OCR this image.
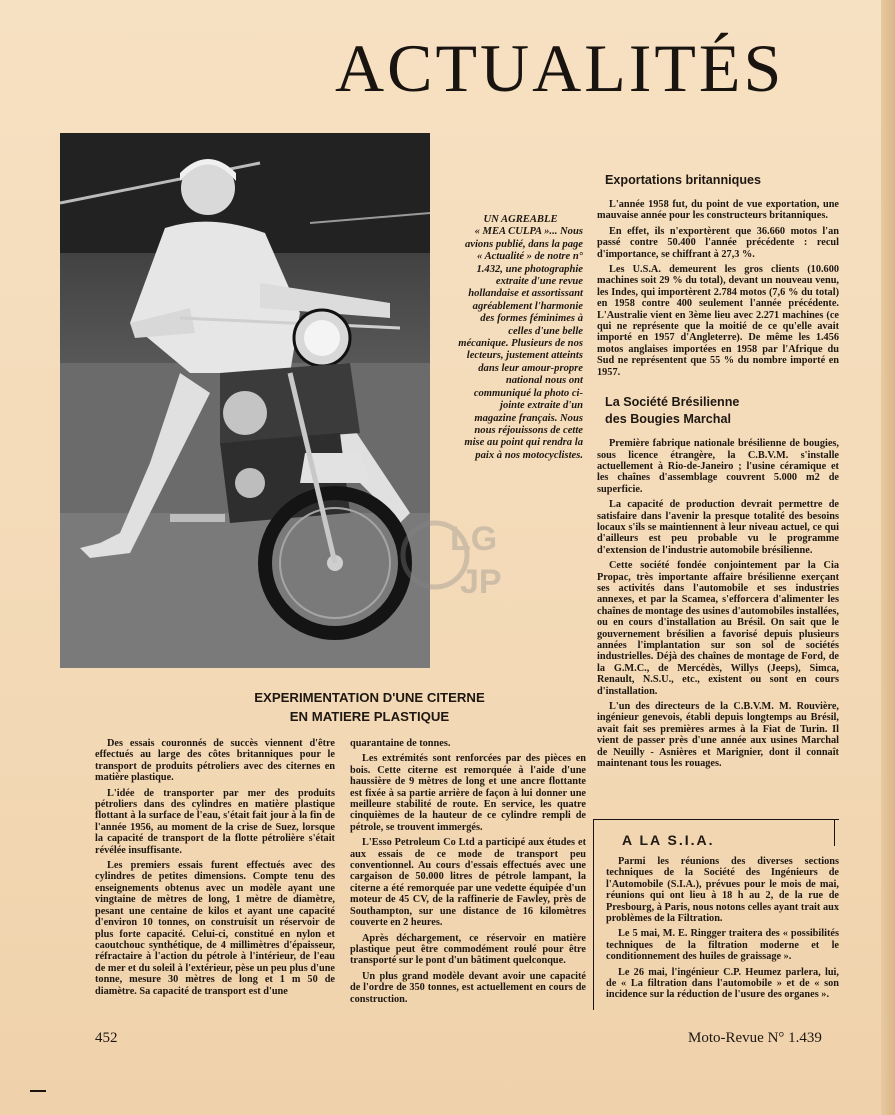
ACTUALITÉS
LG
JP
UN AGREABLE
« MEA CULPA »... Nous avions publié, dans la page « Actualité » de notre n° 1.432, une photographie extraite d'une revue hollandaise et assortissant agréablement l'harmonie des formes féminimes à celles d'une belle mécanique. Plusieurs de nos lecteurs, justement atteints dans leur amour-propre national nous ont communiqué la photo ci-jointe extraite d'un magazine français. Nous nous réjouissons de cette mise au point qui rendra la paix à nos motocyclistes.
Exportations britanniques

L'année 1958 fut, du point de vue exportation, une mauvaise année pour les constructeurs britanniques.

En effet, ils n'exportèrent que 36.660 motos l'an passé contre 50.400 l'année précédente : recul d'importance, se chiffrant à 27,3 %.

Les U.S.A. demeurent les gros clients (10.600 machines soit 29 % du total), devant un nouveau venu, les Indes, qui importèrent 2.784 motos (7,6 % du total) en 1958 contre 400 seulement l'année précédente. L'Australie vient en 3ème lieu avec 2.271 machines (ce qui ne représente que la moitié de ce qu'elle avait importé en 1957 d'Angleterre). De même les 1.456 motos anglaises importées en 1958 par l'Afrique du Sud ne représentent que 55 % du nombre importé en 1957.

La Société Brésilienne
des Bougies Marchal

Première fabrique nationale brésilienne de bougies, sous licence étrangère, la C.B.V.M. s'installe actuellement à Rio-de-Janeiro ; l'usine céramique et les chaînes d'assemblage couvrent 5.000 m2 de superficie.

La capacité de production devrait permettre de satisfaire dans l'avenir la presque totalité des besoins locaux s'ils se maintiennent à leur niveau actuel, ce qui d'ailleurs est peu probable vu le programme d'extension de l'industrie automobile brésilienne.

Cette société fondée conjointement par la Cia Propac, très importante affaire brésilienne exerçant ses activités dans l'automobile et ses industries annexes, et par la Scamea, s'efforcera d'alimenter les chaînes de montage des usines d'automobiles installées, ou en cours d'installation au Brésil. On sait que le gouvernement brésilien a favorisé depuis plusieurs années l'implantation sur son sol de sociétés industrielles. Déjà des chaînes de montage de Ford, de la G.M.C., de Mercédès, Willys (Jeeps), Simca, Renault, N.S.U., etc., existent ou sont en cours d'installation.

L'un des directeurs de la C.B.V.M. M. Rouvière, ingénieur genevois, établi depuis longtemps au Brésil, avait fait ses premières armes à la Fiat de Turin. Il vient de passer près d'une année aux usines Marchal de Neuilly - Asnières et Marignier, dont il connaît maintenant tous les rouages.

EXPERIMENTATION D'UNE CITERNE
EN MATIERE PLASTIQUE

Des essais couronnés de succès viennent d'être effectués au large des côtes britanniques pour le transport de produits pétroliers avec des citernes en matière plastique.

L'idée de transporter par mer des produits pétroliers dans des cylindres en matière plastique flottant à la surface de l'eau, s'était fait jour à la fin de l'année 1956, au moment de la crise de Suez, lorsque la capacité de transport de la flotte pétrolière s'était révélée insuffisante.

Les premiers essais furent effectués avec des cylindres de petites dimensions. Compte tenu des enseignements obtenus avec un modèle ayant une vingtaine de mètres de long, 1 mètre de diamètre, pesant une centaine de kilos et ayant une capacité d'environ 10 tonnes, on construisit un réservoir de plus forte capacité. Celui-ci, constitué en nylon et caoutchouc synthétique, de 4 millimètres d'épaisseur, réfractaire à l'action du pétrole à l'intérieur, de l'eau de mer et du soleil à l'extérieur, pèse un peu plus d'une tonne, mesure 30 mètres de long et 1 m 50 de diamètre. Sa capacité de transport est d'une

quarantaine de tonnes.

Les extrémités sont renforcées par des pièces en bois. Cette citerne est remorquée à l'aide d'une haussière de 9 mètres de long et une ancre flottante est fixée à sa partie arrière de façon à lui donner une meilleure stabilité de route. En service, les quatre cinquièmes de la hauteur de ce cylindre rempli de pétrole, se trouvent immergés.

L'Esso Petroleum Co Ltd a participé aux études et aux essais de ce mode de transport peu conventionnel. Au cours d'essais effectués avec une cargaison de 50.000 litres de pétrole lampant, la citerne a été remorquée par une vedette équipée d'un moteur de 45 CV, de la raffinerie de Fawley, près de Southampton, sur une distance de 16 kilomètres couverte en 2 heures.

Après déchargement, ce réservoir en matière plastique peut être commodément roulé pour être transporté sur le pont d'un bâtiment quelconque.

Un plus grand modèle devant avoir une capacité de l'ordre de 350 tonnes, est actuellement en cours de construction.

A LA S.I.A.

Parmi les réunions des diverses sections techniques de la Société des Ingénieurs de l'Automobile (S.I.A.), prévues pour le mois de mai, réunions qui ont lieu à 18 h au 2, de la rue de Presbourg, à Paris, nous notons celles ayant trait aux problèmes de la Filtration.

Le 5 mai, M. E. Ringger traitera des « possibilités techniques de la filtration moderne et le conditionnement des huiles de graissage ».

Le 26 mai, l'ingénieur C.P. Heumez parlera, lui, de « La filtration dans l'automobile » et de « son incidence sur la réduction de l'usure des organes ».

452	Moto-Revue N° 1.439
